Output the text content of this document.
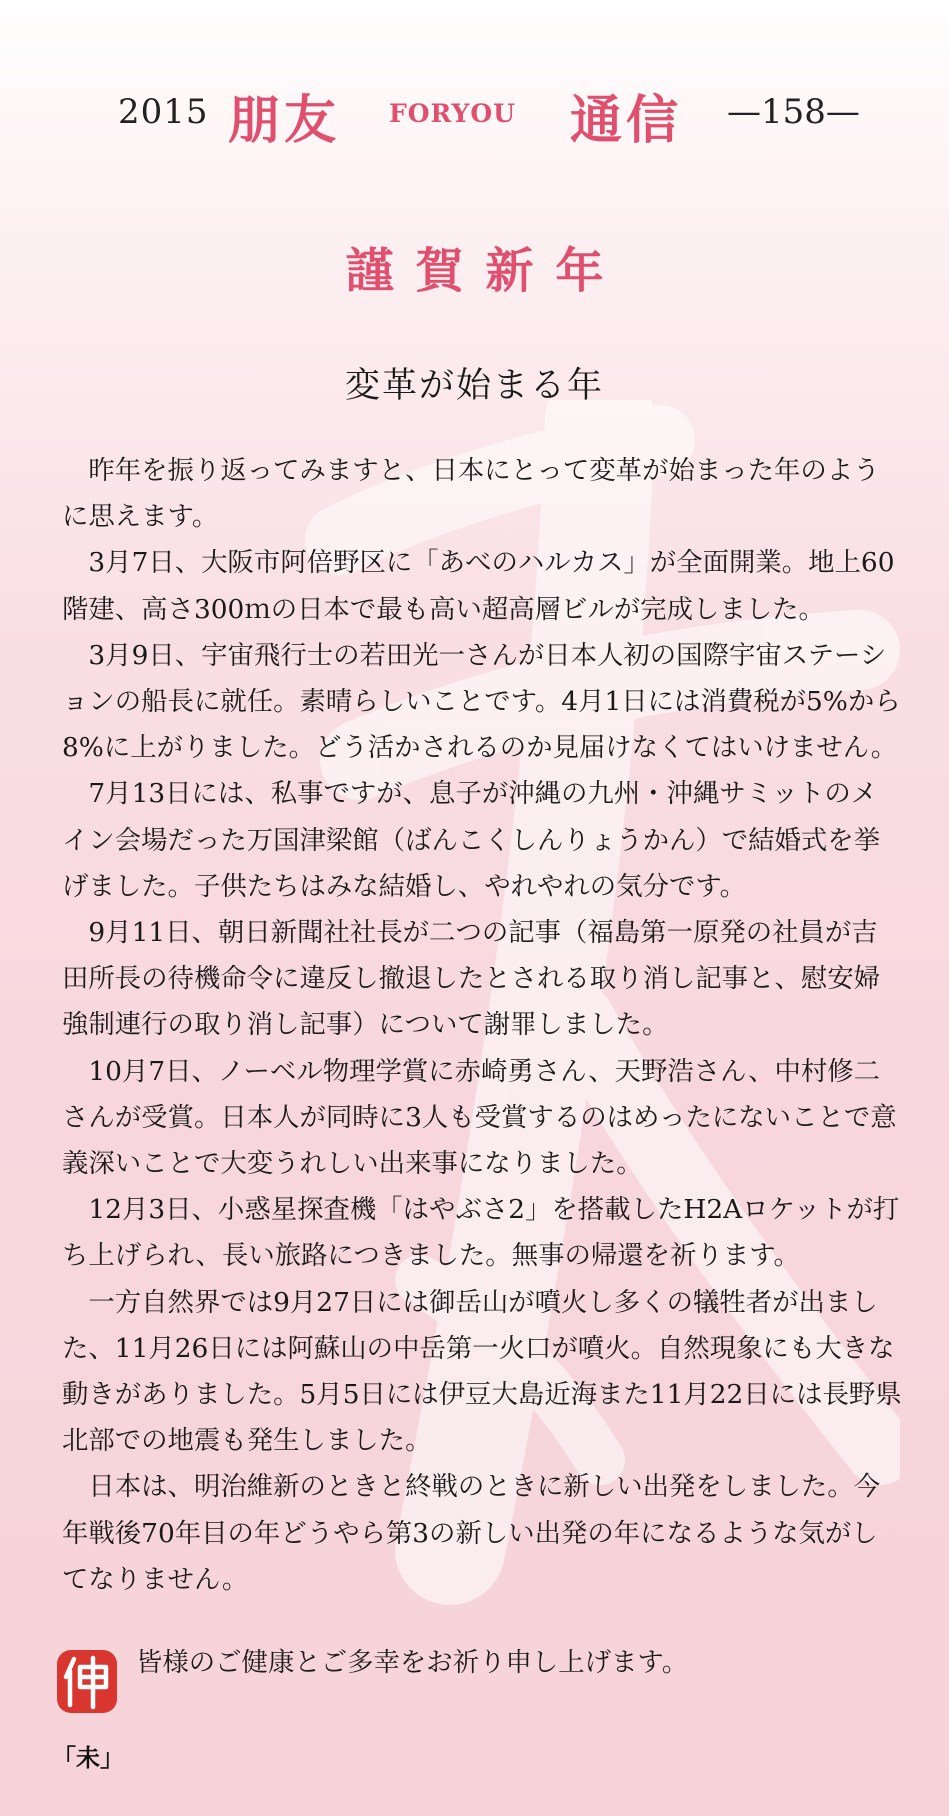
2015 朋友 FORYOU 通信 —158—
謹賀新年
変革が始まる年

昨年を振り返ってみますと、日本にとって変革が始まった年のように思えます。

3月7日、大阪市阿倍野区に「あべのハルカス」が全面開業。地上60階建、高さ300ｍの日本で最も高い超高層ビルが完成しました。

3月9日、宇宙飛行士の若田光一さんが日本人初の国際宇宙ステーションの船長に就任。素晴らしいことです。4月1日には消費税が5%から8%に上がりました。どう活かされるのか見届けなくてはいけません。

7月13日には、私事ですが、息子が沖縄の九州・沖縄サミットのメイン会場だった万国津梁館（ばんこくしんりょうかん）で結婚式を挙げました。子供たちはみな結婚し、やれやれの気分です。

9月11日、朝日新聞社社長が二つの記事（福島第一原発の社員が吉田所長の待機命令に違反し撤退したとされる取り消し記事と、慰安婦強制連行の取り消し記事）について謝罪しました。

10月7日、ノーベル物理学賞に赤崎勇さん、天野浩さん、中村修二さんが受賞。日本人が同時に3人も受賞するのはめったにないことで意義深いことで大変うれしい出来事になりました。

12月3日、小惑星探査機「はやぶさ2」を搭載したH2Aロケットが打ち上げられ、長い旅路につきました。無事の帰還を祈ります。

一方自然界では9月27日には御岳山が噴火し多くの犠牲者が出ました、11月26日には阿蘇山の中岳第一火口が噴火。自然現象にも大きな動きがありました。5月5日には伊豆大島近海また11月22日には長野県北部での地震も発生しました。

日本は、明治維新のときと終戦のときに新しい出発をしました。今年戦後70年目の年どうやら第3の新しい出発の年になるような気がしてなりません。

皆様のご健康とご多幸をお祈り申し上げます。
「未」
